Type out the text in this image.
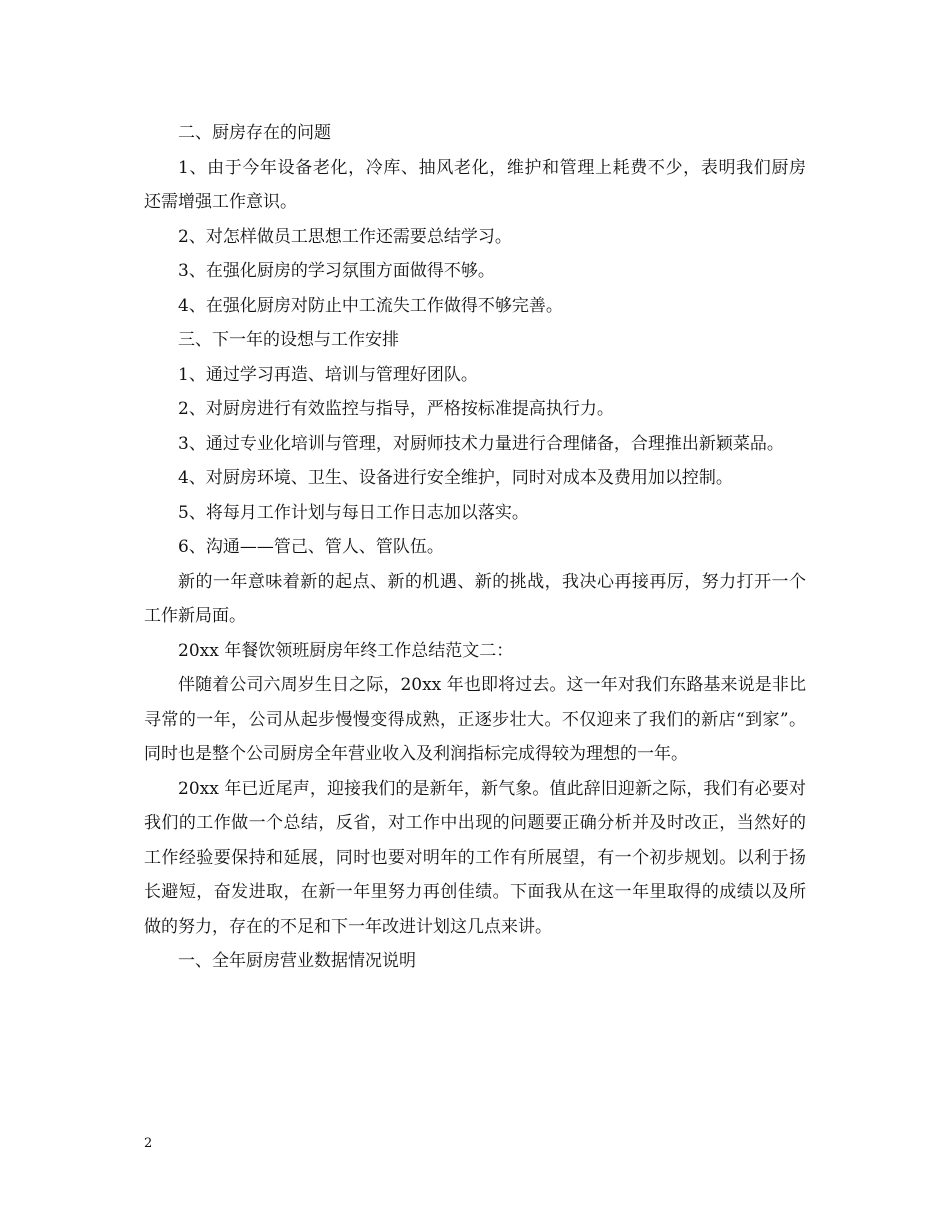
二、厨房存在的问题

1、由于今年设备老化，冷库、抽风老化，维护和管理上耗费不少，表明我们厨房 还需增强工作意识。

2、对怎样做员工思想工作还需要总结学习。

3、在强化厨房的学习氛围方面做得不够。

4、在强化厨房对防止中工流失工作做得不够完善。

三、下一年的设想与工作安排

1、通过学习再造、培训与管理好团队。

2、对厨房进行有效监控与指导，严格按标准提高执行力。

3、通过专业化培训与管理，对厨师技术力量进行合理储备，合理推出新颖菜品。

4、对厨房环境、卫生、设备进行安全维护，同时对成本及费用加以控制。

5、将每月工作计划与每日工作日志加以落实。

6、沟通——管己、管人、管队伍。

新的一年意味着新的起点、新的机遇、新的挑战，我决心再接再厉，努力打开一个工作新局面。

20xx 年餐饮领班厨房年终工作总结范文二：

伴随着公司六周岁生日之际，20xx 年也即将过去。这一年对我们东路基来说是非比寻常的一年，公司从起步慢慢变得成熟，正逐步壮大。不仅迎来了我们的新店“到家”。同时也是整个公司厨房全年营业收入及利润指标完成得较为理想的一年。

20xx 年已近尾声，迎接我们的是新年，新气象。值此辞旧迎新之际，我们有必要对我们的工作做一个总结，反省，对工作中出现的问题要正确分析并及时改正，当然好的工作经验要保持和延展，同时也要对明年的工作有所展望，有一个初步规划。以利于扬长避短，奋发进取，在新一年里努力再创佳绩。下面我从在这一年里取得的成绩以及所做的努力，存在的不足和下一年改进计划这几点来讲。

一、全年厨房营业数据情况说明

2
